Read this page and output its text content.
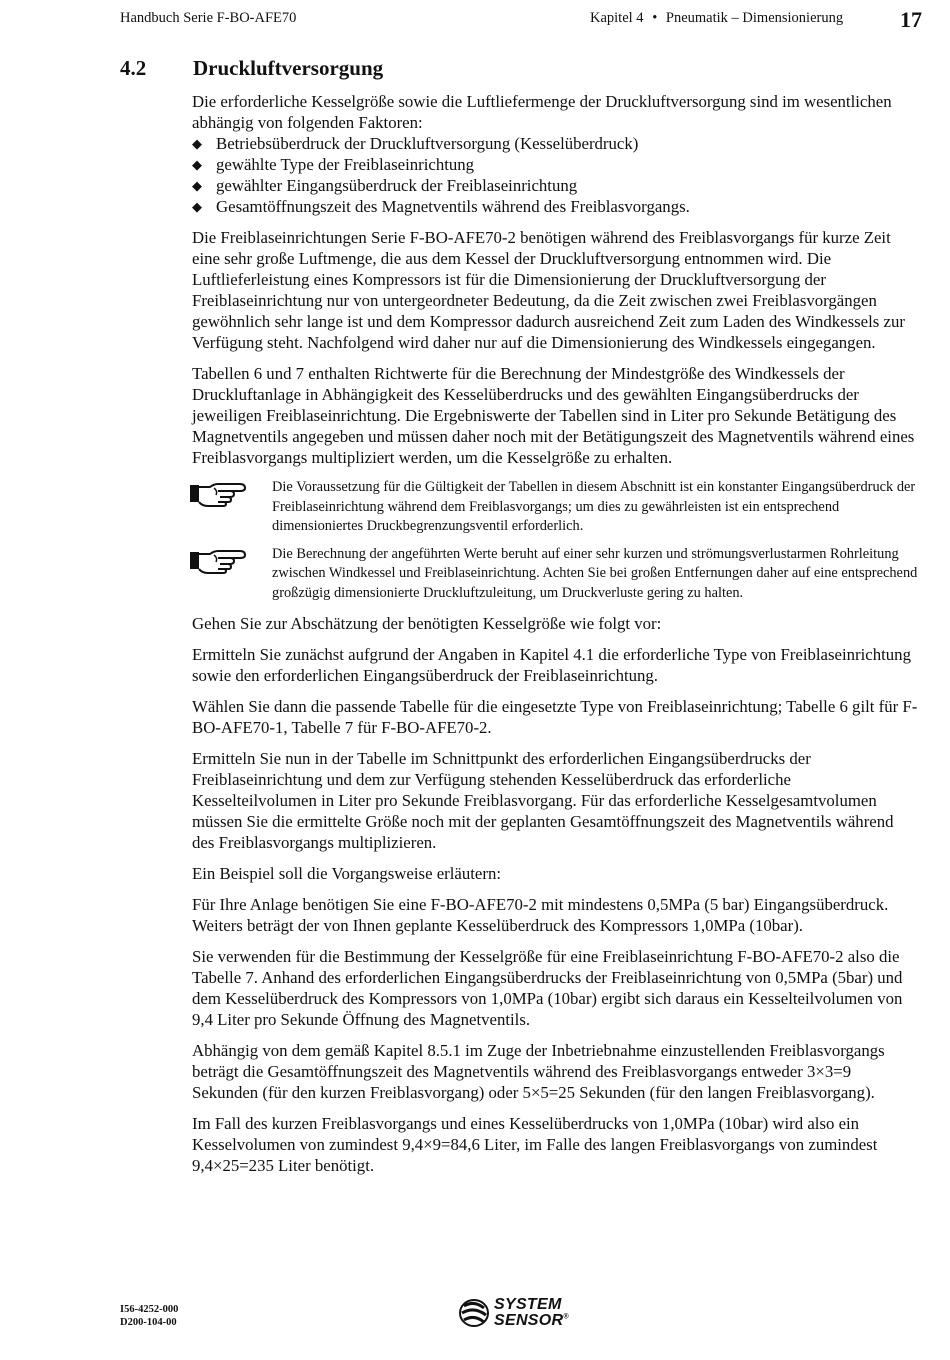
Handbuch Serie F-BO-AFE70	Kapitel 4 • Pneumatik – Dimensionierung	17
4.2 Druckluftversorgung

Die erforderliche Kesselgröße sowie die Luftliefermenge der Druckluftversorgung sind im wesentlichen abhängig von folgenden Faktoren:

◆ Betriebsüberdruck der Druckluftversorgung (Kesselüberdruck)
◆ gewählte Type der Freiblaseinrichtung
◆ gewählter Eingangsüberdruck der Freiblaseinrichtung
◆ Gesamtöffnungszeit des Magnetventils während des Freiblasvorgangs.

Die Freiblaseinrichtungen Serie F-BO-AFE70-2 benötigen während des Freiblasvorgangs für kurze Zeit eine sehr große Luftmenge, die aus dem Kessel der Druckluftversorgung entnommen wird. Die Luftlieferleistung eines Kompressors ist für die Dimensionierung der Druckluftversorgung der Freiblaseinrichtung nur von untergeordneter Bedeutung, da die Zeit zwischen zwei Freiblasvorgängen gewöhnlich sehr lange ist und dem Kompressor dadurch ausreichend Zeit zum Laden des Windkessels zur Verfügung steht. Nachfolgend wird daher nur auf die Dimensionierung des Windkessels eingegangen.

Tabellen 6 und 7 enthalten Richtwerte für die Berechnung der Mindestgröße des Windkessels der Druckluftanlage in Abhängigkeit des Kesselüberdrucks und des gewählten Eingangsüberdrucks der jeweiligen Freiblaseinrichtung. Die Ergebniswerte der Tabellen sind in Liter pro Sekunde Betätigung des Magnetventils angegeben und müssen daher noch mit der Betätigungszeit des Magnetventils während eines Freiblasvorgangs multipliziert werden, um die Kesselgröße zu erhalten.

Die Voraussetzung für die Gültigkeit der Tabellen in diesem Abschnitt ist ein konstanter Eingangsüberdruck der Freiblaseinrichtung während dem Freiblasvorgangs; um dies zu gewährleisten ist ein entsprechend dimensioniertes Druckbegrenzungsventil erforderlich.
Die Berechnung der angeführten Werte beruht auf einer sehr kurzen und strömungsverlustarmen Rohrleitung zwischen Windkessel und Freiblaseinrichtung. Achten Sie bei großen Entfernungen daher auf eine entsprechend großzügig dimensionierte Druckluftzuleitung, um Druckverluste gering zu halten.

Gehen Sie zur Abschätzung der benötigten Kesselgröße wie folgt vor:

Ermitteln Sie zunächst aufgrund der Angaben in Kapitel 4.1 die erforderliche Type von Freiblaseinrichtung sowie den erforderlichen Eingangsüberdruck der Freiblaseinrichtung.

Wählen Sie dann die passende Tabelle für die eingesetzte Type von Freiblaseinrichtung; Tabelle 6 gilt für F-BO-AFE70-1, Tabelle 7 für F-BO-AFE70-2.

Ermitteln Sie nun in der Tabelle im Schnittpunkt des erforderlichen Eingangsüberdrucks der Freiblaseinrichtung und dem zur Verfügung stehenden Kesselüberdruck das erforderliche Kesselteilvolumen in Liter pro Sekunde Freiblasvorgang. Für das erforderliche Kesselgesamtvolumen müssen Sie die ermittelte Größe noch mit der geplanten Gesamtöffnungszeit des Magnetventils während des Freiblasvorgangs multiplizieren.

Ein Beispiel soll die Vorgangsweise erläutern:

Für Ihre Anlage benötigen Sie eine F-BO-AFE70-2 mit mindestens 0,5MPa (5 bar) Eingangsüberdruck. Weiters beträgt der von Ihnen geplante Kesselüberdruck des Kompressors 1,0MPa (10bar).

Sie verwenden für die Bestimmung der Kesselgröße für eine Freiblaseinrichtung F-BO-AFE70-2 also die Tabelle 7. Anhand des erforderlichen Eingangsüberdrucks der Freiblaseinrichtung von 0,5MPa (5bar) und dem Kesselüberdruck des Kompressors von 1,0MPa (10bar) ergibt sich daraus ein Kesselteilvolumen von 9,4 Liter pro Sekunde Öffnung des Magnetventils.

Abhängig von dem gemäß Kapitel 8.5.1 im Zuge der Inbetriebnahme einzustellenden Freiblasvorgangs beträgt die Gesamtöffnungszeit des Magnetventils während des Freiblasvorgangs entweder 3×3=9 Sekunden (für den kurzen Freiblasvorgang) oder 5×5=25 Sekunden (für den langen Freiblasvorgang).

Im Fall des kurzen Freiblasvorgangs und eines Kesselüberdrucks von 1,0MPa (10bar) wird also ein Kesselvolumen von zumindest 9,4×9=84,6 Liter, im Falle des langen Freiblasvorgangs von zumindest 9,4×25=235 Liter benötigt.

I56-4252-000
D200-104-00
SYSTEM
SENSOR®
